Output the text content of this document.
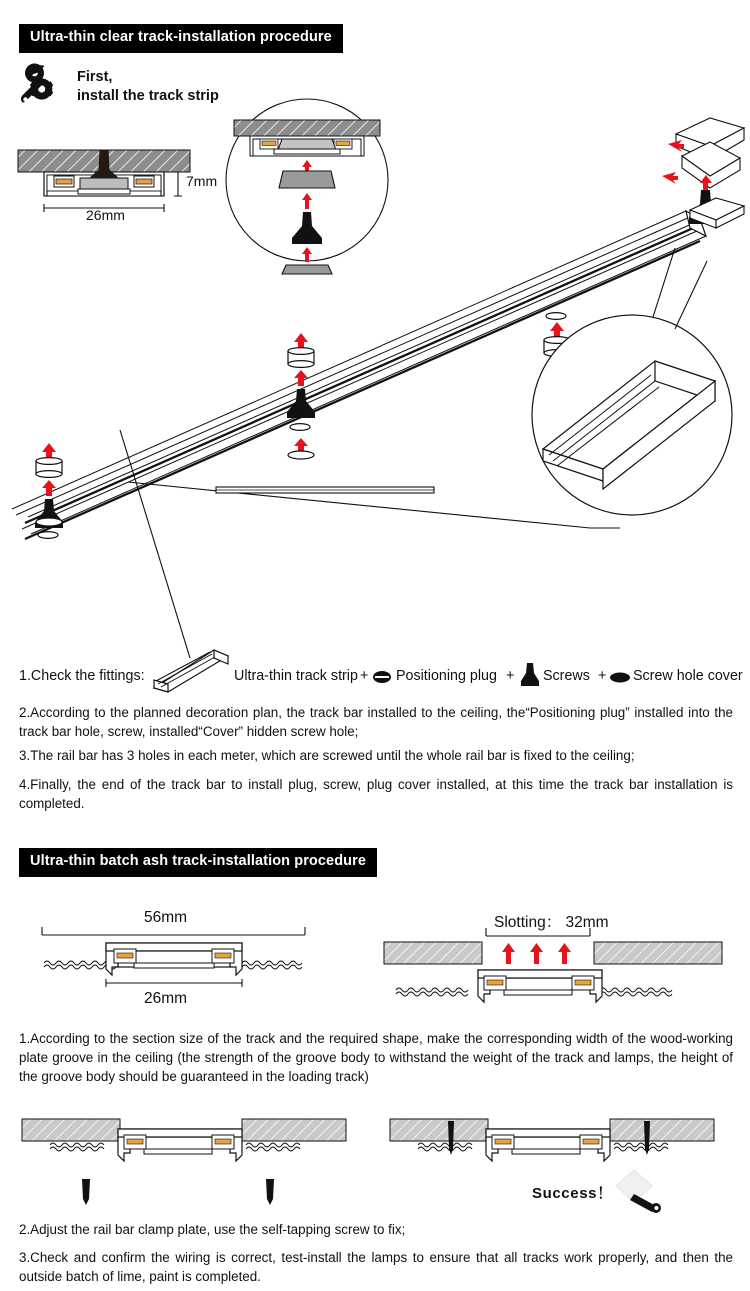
Ultra-thin clear track-installation procedure
First,
install the track strip
7mm
26mm
1.Check the fittings:	Ultra-thin track strip + Positioning plug + Screws + Screw hole cover
2.According to the planned decoration plan, the track bar installed to the ceiling, the“Positioning plug” installed into the track bar hole, screw, installed“Cover” hidden screw hole;
3.The rail bar has 3 holes in each meter, which are screwed until the whole rail bar is fixed to the ceiling;
4.Finally, the end of the track bar to install plug, screw, plug cover installed, at this time the track bar installation is completed.
Ultra-thin batch ash track-installation procedure
56mm
26mm
Slotting： 32mm
1.According to the section size of the track and the required shape, make the corresponding width of the wood-working plate groove in the ceiling (the strength of the groove body to withstand the weight of the track and lamps, the height of the groove body should be guaranteed in the loading track)
Success！
2.Adjust the rail bar clamp plate, use the self-tapping screw to fix;
3.Check and confirm the wiring is correct, test-install the lamps to ensure that all tracks work properly, and then the outside batch of lime, paint is completed.
